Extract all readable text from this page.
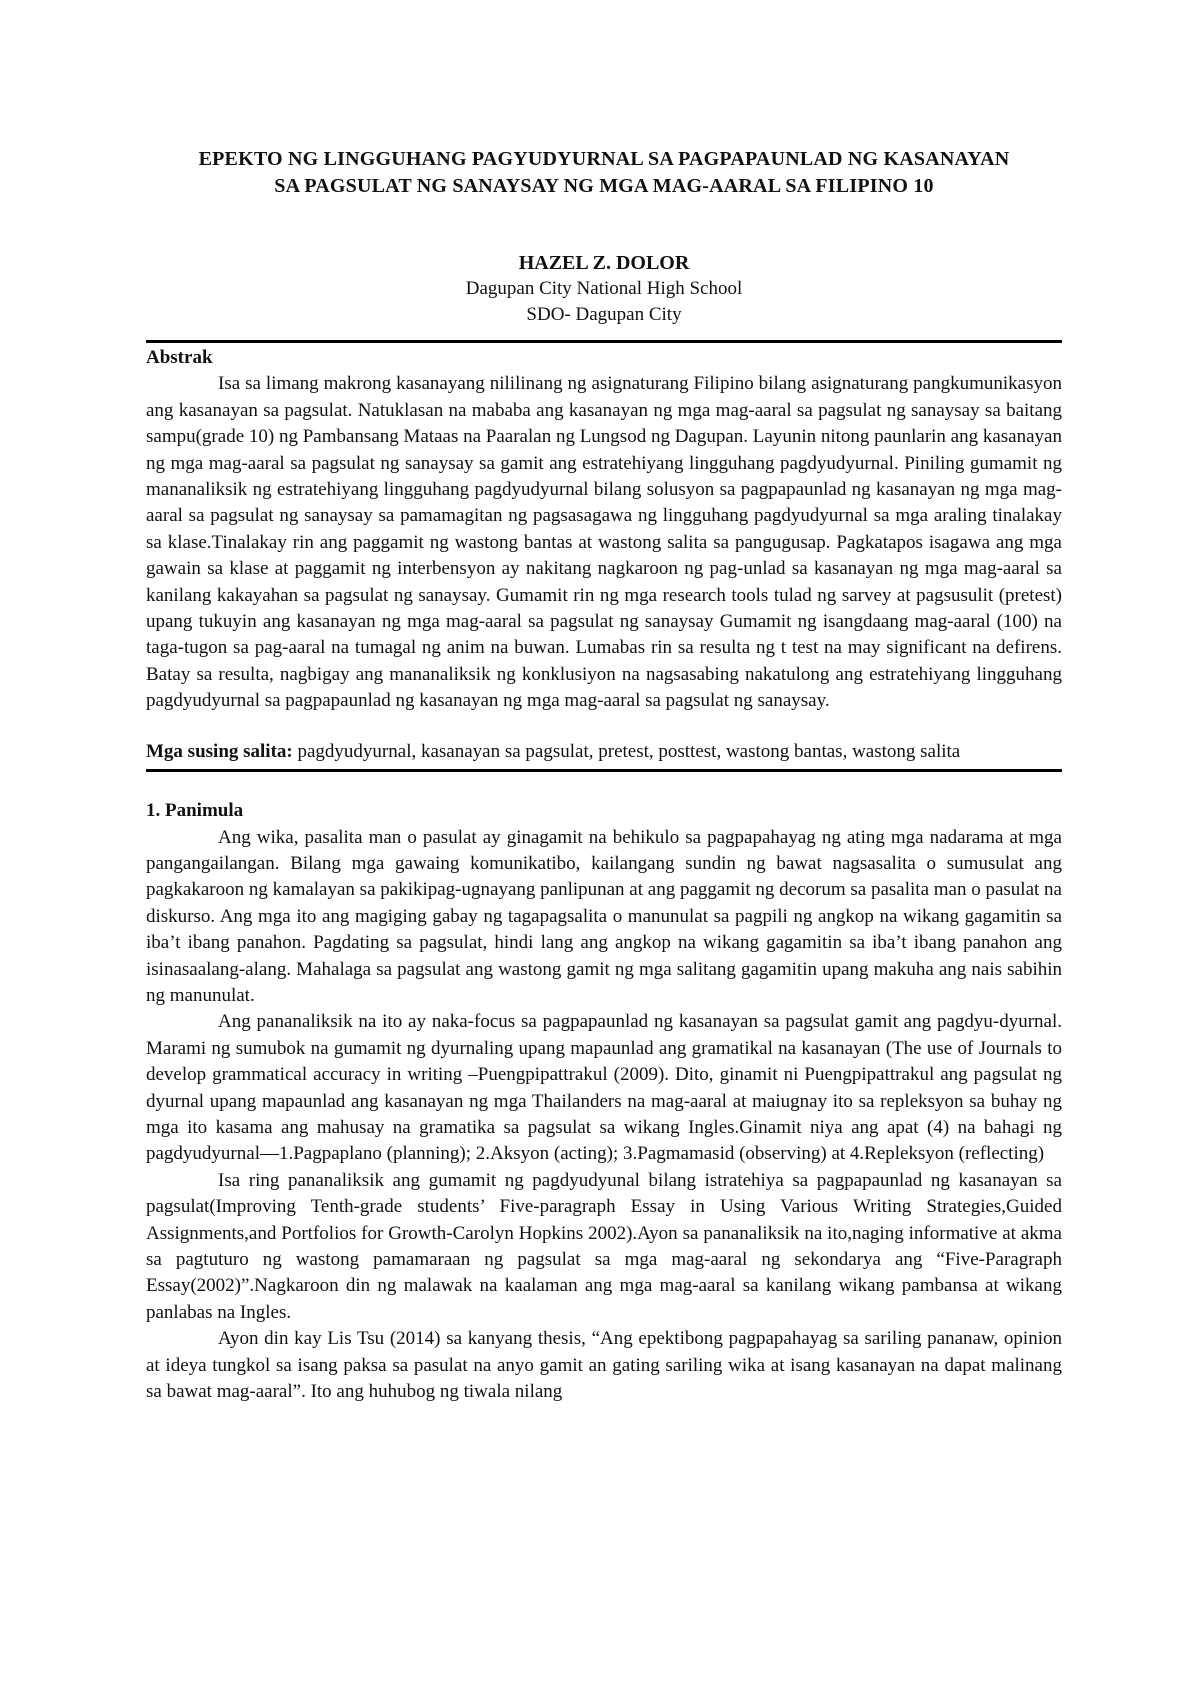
EPEKTO NG LINGGUHANG PAGYUDYURNAL SA PAGPAPAUNLAD NG KASANAYAN

SA PAGSULAT NG SANAYSAY NG MGA MAG-AARAL SA FILIPINO 10

HAZEL Z. DOLOR
Dagupan City National High School
SDO- Dagupan City

Abstrak

Isa sa limang makrong kasanayang nililinang ng asignaturang Filipino bilang asignaturang pangkumunikasyon ang kasanayan sa pagsulat. Natuklasan na mababa ang kasanayan ng mga mag-aaral sa pagsulat ng sanaysay sa baitang sampu(grade 10) ng Pambansang Mataas na Paaralan ng Lungsod ng Dagupan. Layunin nitong paunlarin ang kasanayan ng mga mag-aaral sa pagsulat ng sanaysay sa gamit ang estratehiyang lingguhang pagdyudyurnal. Piniling gumamit ng mananaliksik ng estratehiyang lingguhang pagdyudyurnal bilang solusyon sa pagpapaunlad ng kasanayan ng mga mag-aaral sa pagsulat ng sanaysay sa pamamagitan ng pagsasagawa ng lingguhang pagdyudyurnal sa mga araling tinalakay sa klase.Tinalakay rin ang paggamit ng wastong bantas at wastong salita sa pangugusap. Pagkatapos isagawa ang mga gawain sa klase at paggamit ng interbensyon ay nakitang nagkaroon ng pag-unlad sa kasanayan ng mga mag-aaral sa kanilang kakayahan sa pagsulat ng sanaysay. Gumamit rin ng mga research tools tulad ng sarvey at pagsusulit (pretest) upang tukuyin ang kasanayan ng mga mag-aaral sa pagsulat ng sanaysay Gumamit ng isangdaang mag-aaral (100) na taga-tugon sa pag-aaral na tumagal ng anim na buwan. Lumabas rin sa resulta ng t test na may significant na defirens. Batay sa resulta, nagbigay ang mananaliksik ng konklusiyon na nagsasabing nakatulong ang estratehiyang lingguhang pagdyudyurnal sa pagpapaunlad ng kasanayan ng mga mag-aaral sa pagsulat ng sanaysay.

Mga susing salita: pagdyudyurnal, kasanayan sa pagsulat, pretest, posttest, wastong bantas, wastong salita

1. Panimula

Ang wika, pasalita man o pasulat ay ginagamit na behikulo sa pagpapahayag ng ating mga nadarama at mga pangangailangan. Bilang mga gawaing komunikatibo, kailangang sundin ng bawat nagsasalita o sumusulat ang pagkakaroon ng kamalayan sa pakikipag-ugnayang panlipunan at ang paggamit ng decorum sa pasalita man o pasulat na diskurso. Ang mga ito ang magiging gabay ng tagapagsalita o manunulat sa pagpili ng angkop na wikang gagamitin sa iba’t ibang panahon. Pagdating sa pagsulat, hindi lang ang angkop na wikang gagamitin sa iba’t ibang panahon ang isinasaalang-alang. Mahalaga sa pagsulat ang wastong gamit ng mga salitang gagamitin upang makuha ang nais sabihin ng manunulat.

Ang pananaliksik na ito ay naka-focus sa pagpapaunlad ng kasanayan sa pagsulat gamit ang pagdyu-dyurnal. Marami ng sumubok na gumamit ng dyurnaling upang mapaunlad ang gramatikal na kasanayan (The use of Journals to develop grammatical accuracy in writing –Puengpipattrakul (2009). Dito, ginamit ni Puengpipattrakul ang pagsulat ng dyurnal upang mapaunlad ang kasanayan ng mga Thailanders na mag-aaral at maiugnay ito sa repleksyon sa buhay ng mga ito kasama ang mahusay na gramatika sa pagsulat sa wikang Ingles.Ginamit niya ang apat (4) na bahagi ng pagdyudyurnal—1.Pagpaplano (planning); 2.Aksyon (acting); 3.Pagmamasid (observing) at 4.Repleksyon (reflecting)

Isa ring pananaliksik ang gumamit ng pagdyudyunal bilang istratehiya sa pagpapaunlad ng kasanayan sa pagsulat(Improving Tenth-grade students’ Five-paragraph Essay in Using Various Writing Strategies,Guided Assignments,and Portfolios for Growth-Carolyn Hopkins 2002).Ayon sa pananaliksik na ito,naging informative at akma sa pagtuturo ng wastong pamamaraan ng pagsulat sa mga mag-aaral ng sekondarya ang “Five-Paragraph Essay(2002)”.Nagkaroon din ng malawak na kaalaman ang mga mag-aaral sa kanilang wikang pambansa at wikang panlabas na Ingles.

Ayon din kay Lis Tsu (2014) sa kanyang thesis, “Ang epektibong pagpapahayag sa sariling pananaw, opinion at ideya tungkol sa isang paksa sa pasulat na anyo gamit an gating sariling wika at isang kasanayan na dapat malinang sa bawat mag-aaral”. Ito ang huhubog ng tiwala nilang
